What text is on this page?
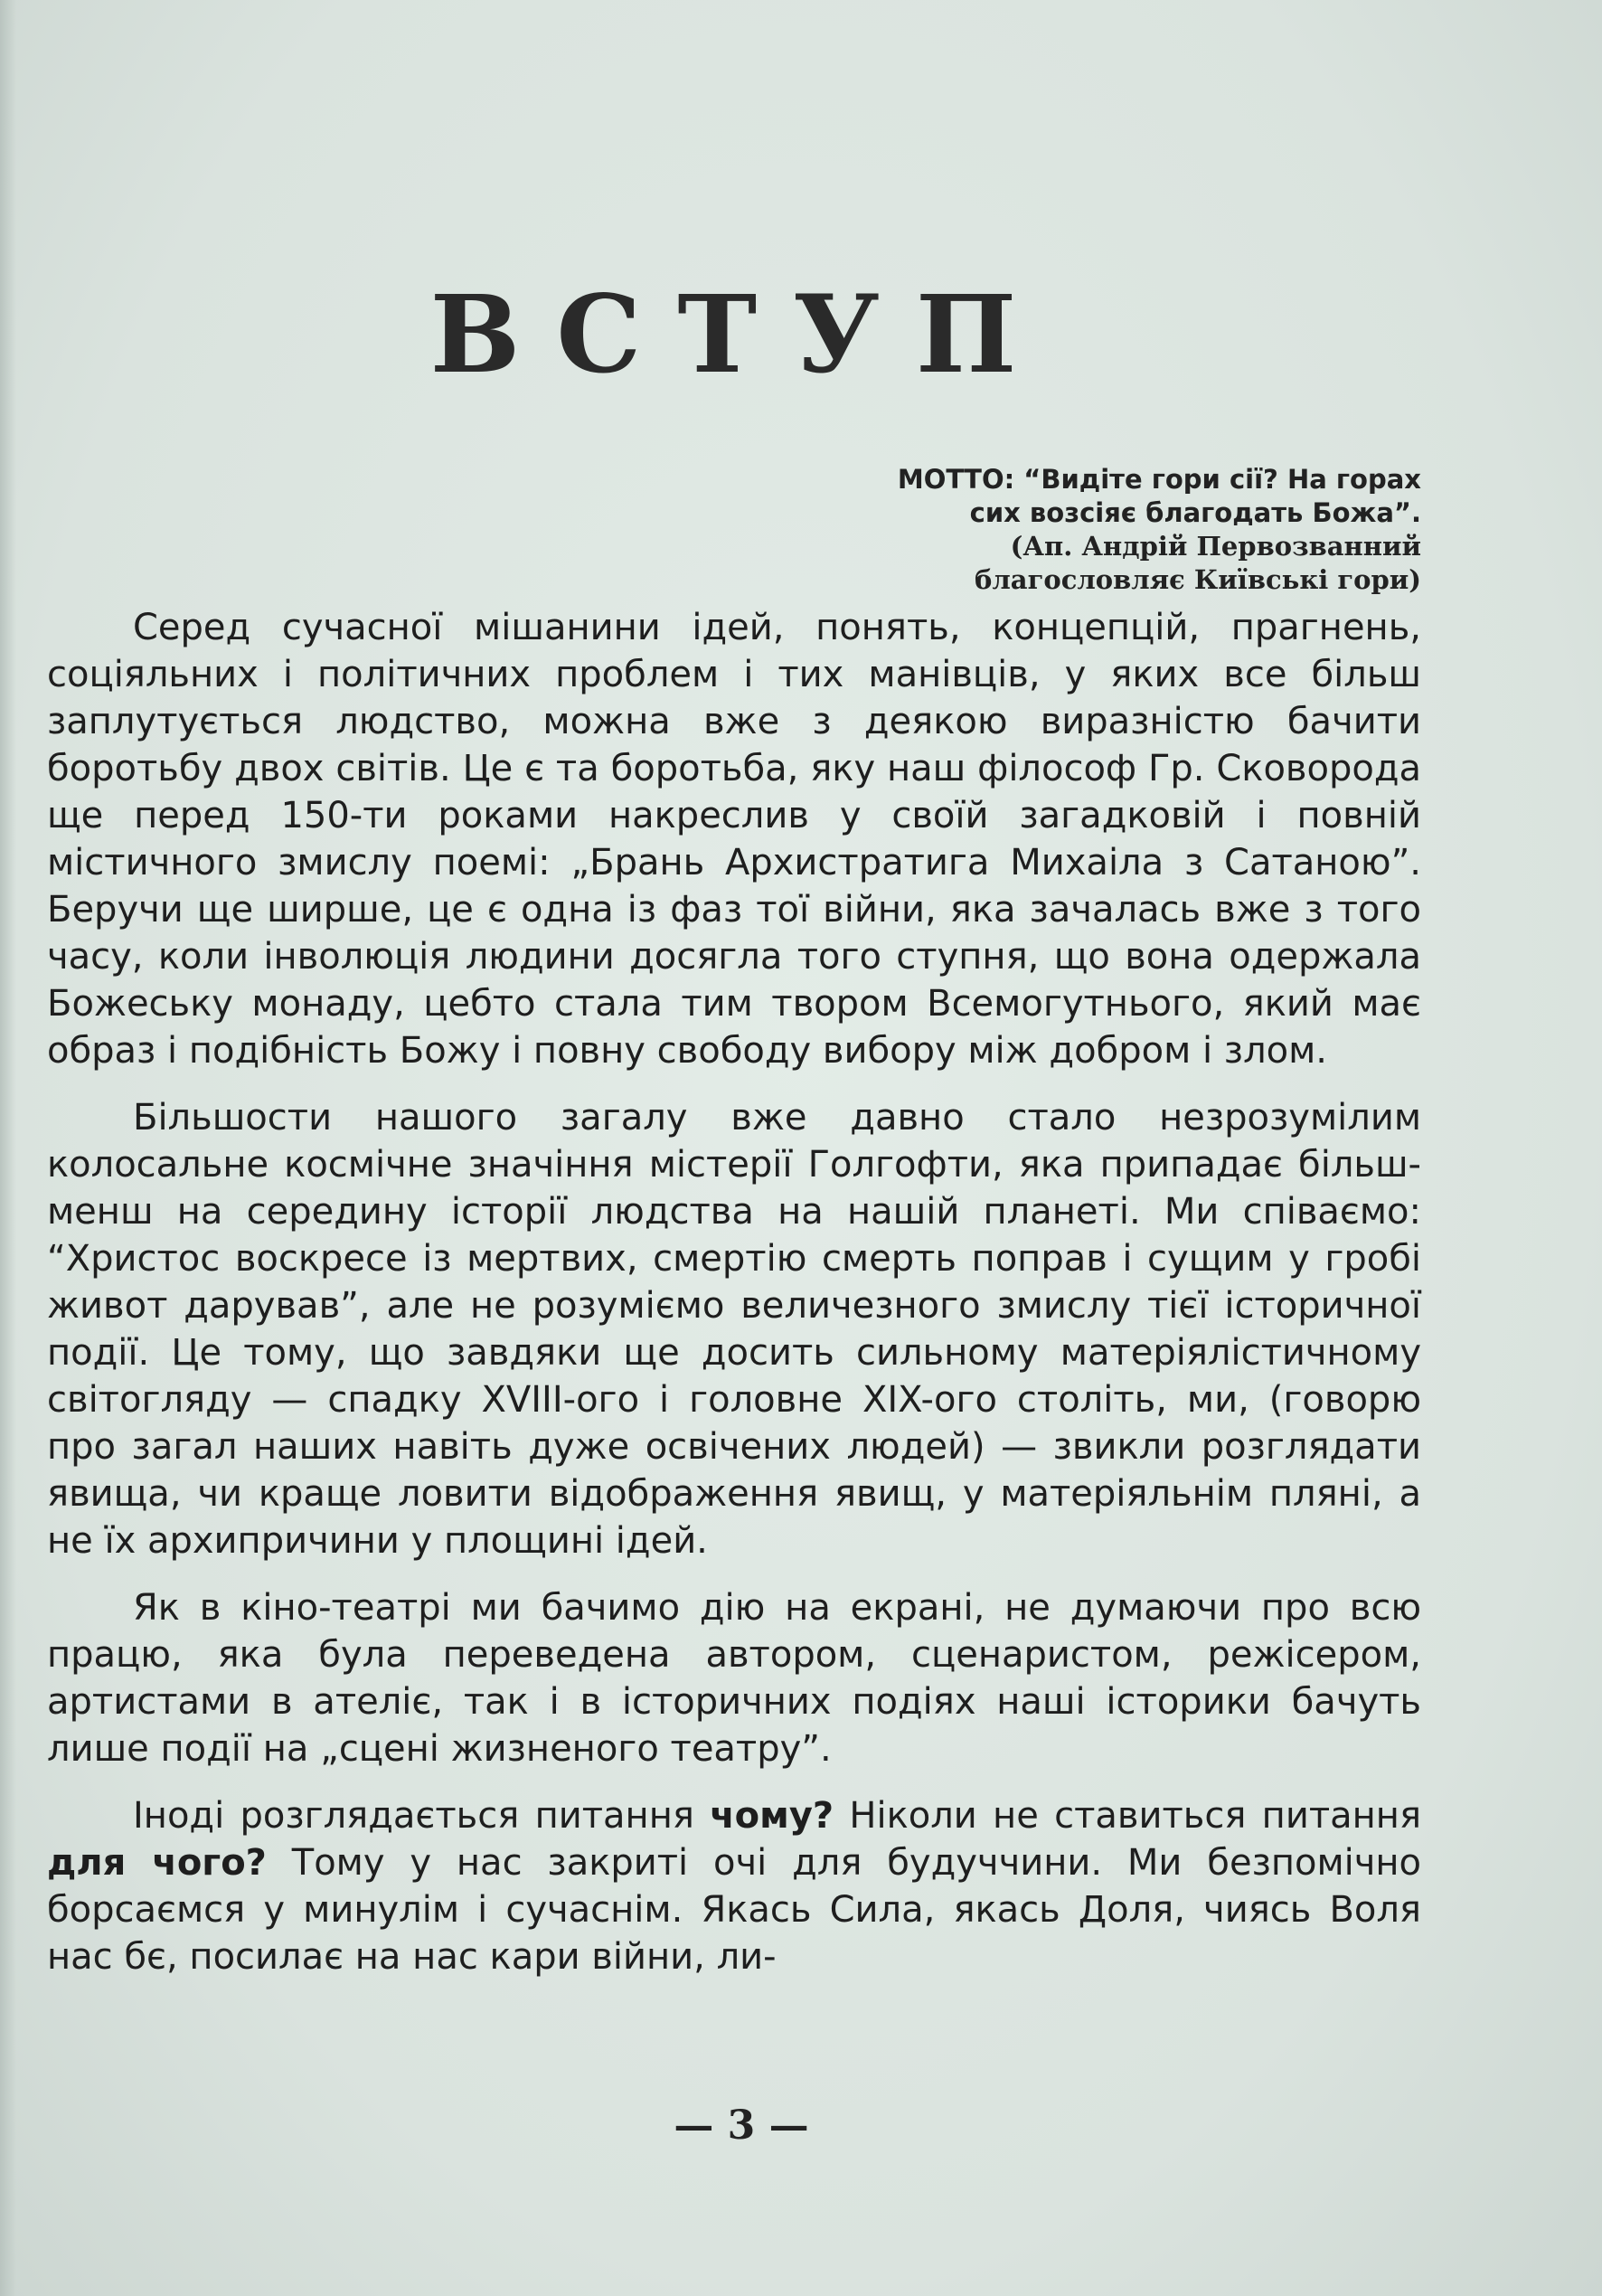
ВСТУП
МОТТО: “Видіте гори сії? На горах
сих возсіяє благодать Божа”.
(Ап. Андрій Первозванний
благословляє Київські гори)

Серед сучасної мішанини ідей, понять, концепцій, прагнень, соціяльних і політичних проблем і тих манівців, у яких все більш заплутується людство, можна вже з деякою виразністю бачити боротьбу двох світів. Це є та боротьба, яку наш філософ Гр. Сковорода ще перед 150-ти роками накреслив у своїй загадковій і повній містичного змислу поемі: „Брань Архистратига Михаіла з Сатаною”. Беручи ще ширше, це є одна із фаз тої війни, яка зачалась вже з того часу, коли інволюція людини досягла того ступня, що вона одержала Божеську монаду, цебто стала тим твором Всемогутнього, який має образ і подібність Божу і повну свободу вибору між добром і злом.

Більшости нашого загалу вже давно стало незрозумілим колосальне космічне значіння містерії Голгофти, яка припадає більш-менш на середину історії людства на нашій планеті. Ми співаємо: “Христос воскресе із мертвих, смертію смерть поправ і сущим у гробі живот дарував”, але не розуміємо величезного змислу тієї історичної події. Це тому, що завдяки ще досить сильному матеріялістичному світогляду — спадку XVIII-ого і головне XIX-ого століть, ми, (говорю про загал наших навіть дуже освічених людей) — звикли розглядати явища, чи краще ловити відображення явищ, у матеріяльнім пляні, а не їх архипричини у площині ідей.

Як в кіно-театрі ми бачимо дію на екрані, не думаючи про всю працю, яка була переведена автором, сценаристом, режісером, артистами в ателіє, так і в історичних подіях наші історики бачуть лише події на „сцені жизненого театру”.

Іноді розглядається питання чому? Ніколи не ставиться питання для чого? Тому у нас закриті очі для будуччини. Ми безпомічно борсаємся у минулім і сучаснім. Якась Сила, якась Доля, чиясь Воля нас бє, посилає на нас кари війни, ли-

— 3 —
